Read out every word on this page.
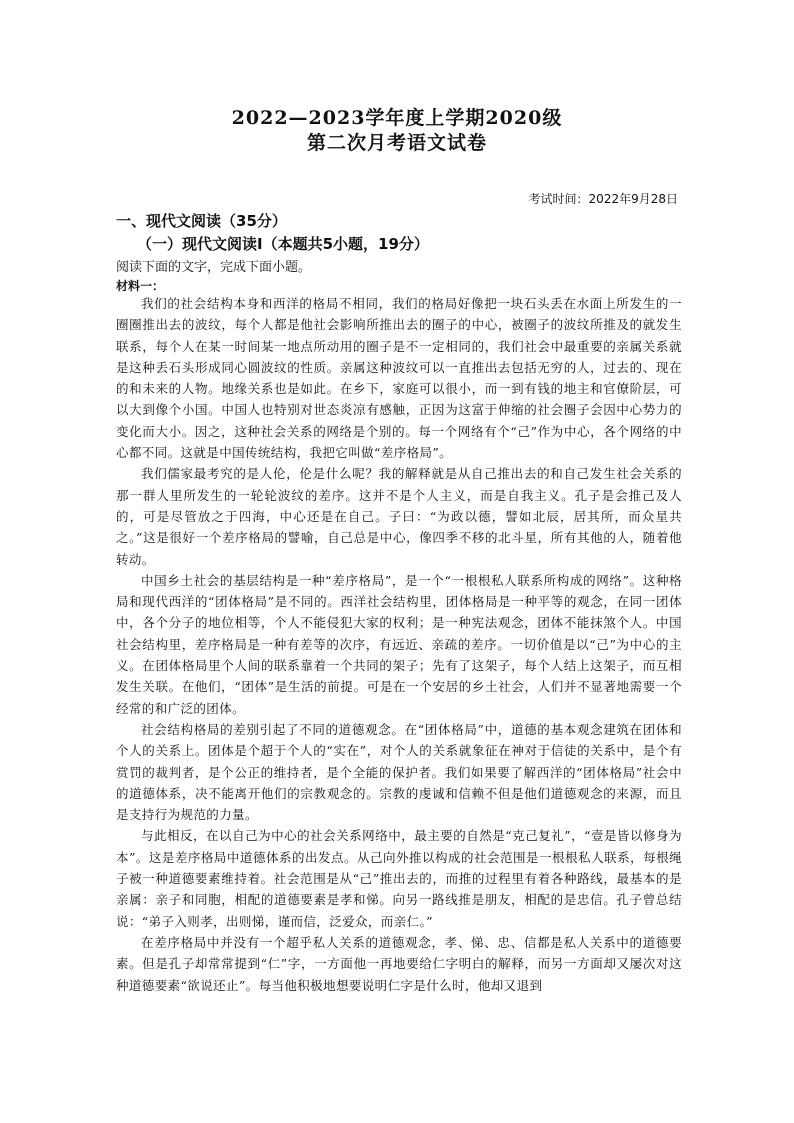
2022—2023学年度上学期2020级
第二次月考语文试卷
考试时间：2022年9月28日
一、现代文阅读（35分）
（一）现代文阅读Ⅰ（本题共5小题，19分）
阅读下面的文字，完成下面小题。
材料一：

我们的社会结构本身和西洋的格局不相同，我们的格局好像把一块石头丢在水面上所发生的一圈圈推出去的波纹，每个人都是他社会影响所推出去的圈子的中心，被圈子的波纹所推及的就发生联系，每个人在某一时间某一地点所动用的圈子是不一定相同的，我们社会中最重要的亲属关系就是这种丢石头形成同心圆波纹的性质。亲属这种波纹可以一直推出去包括无穷的人，过去的、现在的和未来的人物。地缘关系也是如此。在乡下，家庭可以很小，而一到有钱的地主和官僚阶层，可以大到像个小国。中国人也特别对世态炎凉有感触，正因为这富于伸缩的社会圈子会因中心势力的变化而大小。因之，这种社会关系的网络是个别的。每一个网络有个“己”作为中心，各个网络的中心都不同。这就是中国传统结构，我把它叫做“差序格局”。

我们儒家最考究的是人伦，伦是什么呢？我的解释就是从自己推出去的和自己发生社会关系的那一群人里所发生的一轮轮波纹的差序。这并不是个人主义，而是自我主义。孔子是会推己及人的，可是尽管放之于四海，中心还是在自己。子曰：“为政以德，譬如北辰，居其所，而众星共之。”这是很好一个差序格局的譬喻，自己总是中心，像四季不移的北斗星，所有其他的人，随着他转动。

中国乡土社会的基层结构是一种“差序格局”，是一个“一根根私人联系所构成的网络”。这种格局和现代西洋的“团体格局”是不同的。西洋社会结构里，团体格局是一种平等的观念，在同一团体中，各个分子的地位相等，个人不能侵犯大家的权利；是一种宪法观念，团体不能抹煞个人。中国社会结构里，差序格局是一种有差等的次序，有远近、亲疏的差序。一切价值是以“己”为中心的主义。在团体格局里个人间的联系靠着一个共同的架子；先有了这架子，每个人结上这架子，而互相发生关联。在他们，“团体”是生活的前提。可是在一个安居的乡土社会，人们并不显著地需要一个经常的和广泛的团体。

社会结构格局的差别引起了不同的道德观念。在“团体格局”中，道德的基本观念建筑在团体和个人的关系上。团体是个超于个人的“实在”，对个人的关系就象征在神对于信徒的关系中，是个有赏罚的裁判者，是个公正的维持者，是个全能的保护者。我们如果要了解西洋的“团体格局”社会中的道德体系，决不能离开他们的宗教观念的。宗教的虔诚和信赖不但是他们道德观念的来源，而且是支持行为规范的力量。

与此相反，在以自己为中心的社会关系网络中，最主要的自然是“克己复礼”，“壹是皆以修身为本”。这是差序格局中道德体系的出发点。从己向外推以构成的社会范围是一根根私人联系，每根绳子被一种道德要素维持着。社会范围是从“己”推出去的，而推的过程里有着各种路线，最基本的是亲属：亲子和同胞，相配的道德要素是孝和悌。向另一路线推是朋友，相配的是忠信。孔子曾总结说：“弟子入则孝，出则悌，谨而信，泛爱众，而亲仁。”

在差序格局中并没有一个超乎私人关系的道德观念，孝、悌、忠、信都是私人关系中的道德要素。但是孔子却常常提到“仁”字，一方面他一再地要给仁字明白的解释，而另一方面却又屡次对这种道德要素“欲说还止”。每当他积极地想要说明仁字是什么时，他却又退到
